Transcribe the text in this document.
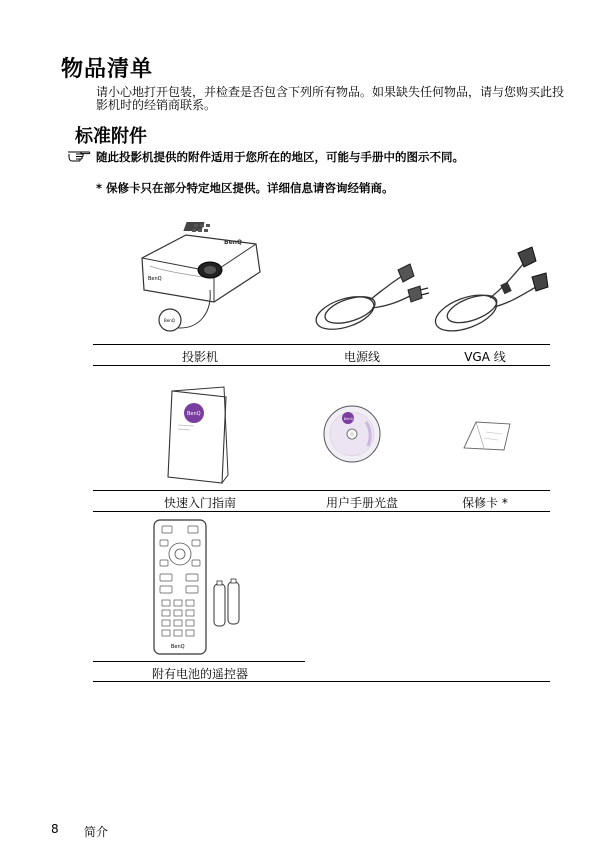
物品清单
请小心地打开包装，并检查是否包含下列所有物品。如果缺失任何物品，请与您购买此投影机时的经销商联系。
标准附件
随此投影机提供的附件适用于您所在的地区，可能与手册中的图示不同。
* 保修卡只在部分特定地区提供。详细信息请咨询经销商。
BenQ
BenQ
BenQ
投影机	电源线	VGA 线
BenQ
BenQ
快速入门指南	用户手册光盘	保修卡 *
BenQ
附有电池的遥控器
8 简介
